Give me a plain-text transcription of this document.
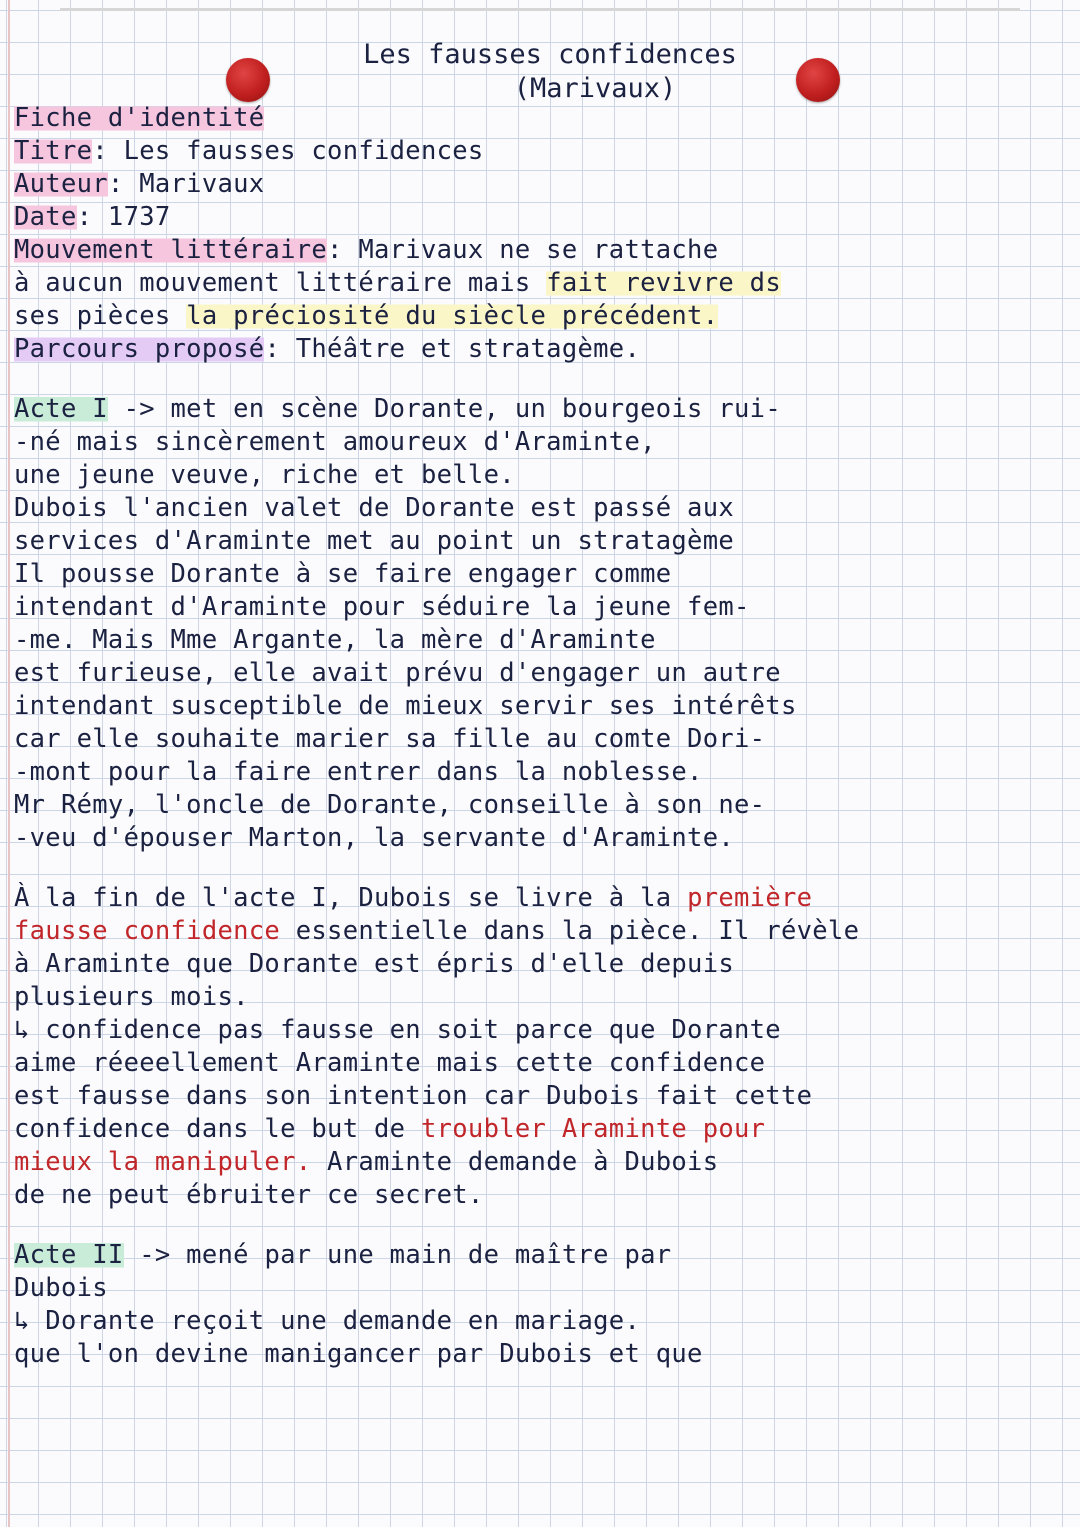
Les fausses confidences
(Marivaux)
Fiche d'identité
Titre: Les fausses confidences
Auteur: Marivaux
Date: 1737
Mouvement littéraire: Marivaux ne se rattache
à aucun mouvement littéraire mais fait revivre ds
ses pièces la préciosité du siècle précédent.
Parcours proposé: Théâtre et stratagème.
Acte I -> met en scène Dorante, un bourgeois rui-
-né mais sincèrement amoureux d'Araminte,
une jeune veuve, riche et belle.
Dubois l'ancien valet de Dorante est passé aux
services d'Araminte met au point un stratagème
Il pousse Dorante à se faire engager comme
intendant d'Araminte pour séduire la jeune fem-
-me. Mais Mme Argante, la mère d'Araminte
est furieuse, elle avait prévu d'engager un autre
intendant susceptible de mieux servir ses intérêts
car elle souhaite marier sa fille au comte Dori-
-mont pour la faire entrer dans la noblesse.
Mr Rémy, l'oncle de Dorante, conseille à son ne-
-veu d'épouser Marton, la servante d'Araminte.
À la fin de l'acte I, Dubois se livre à la première
fausse confidence essentielle dans la pièce. Il révèle
à Araminte que Dorante est épris d'elle depuis
plusieurs mois.
↳ confidence pas fausse en soit parce que Dorante
aime réeeellement Araminte mais cette confidence
est fausse dans son intention car Dubois fait cette
confidence dans le but de troubler Araminte pour
mieux la manipuler. Araminte demande à Dubois
de ne peut ébruiter ce secret.
Acte II -> mené par une main de maître par
Dubois
↳ Dorante reçoit une demande en mariage.
que l'on devine manigancer par Dubois et que
